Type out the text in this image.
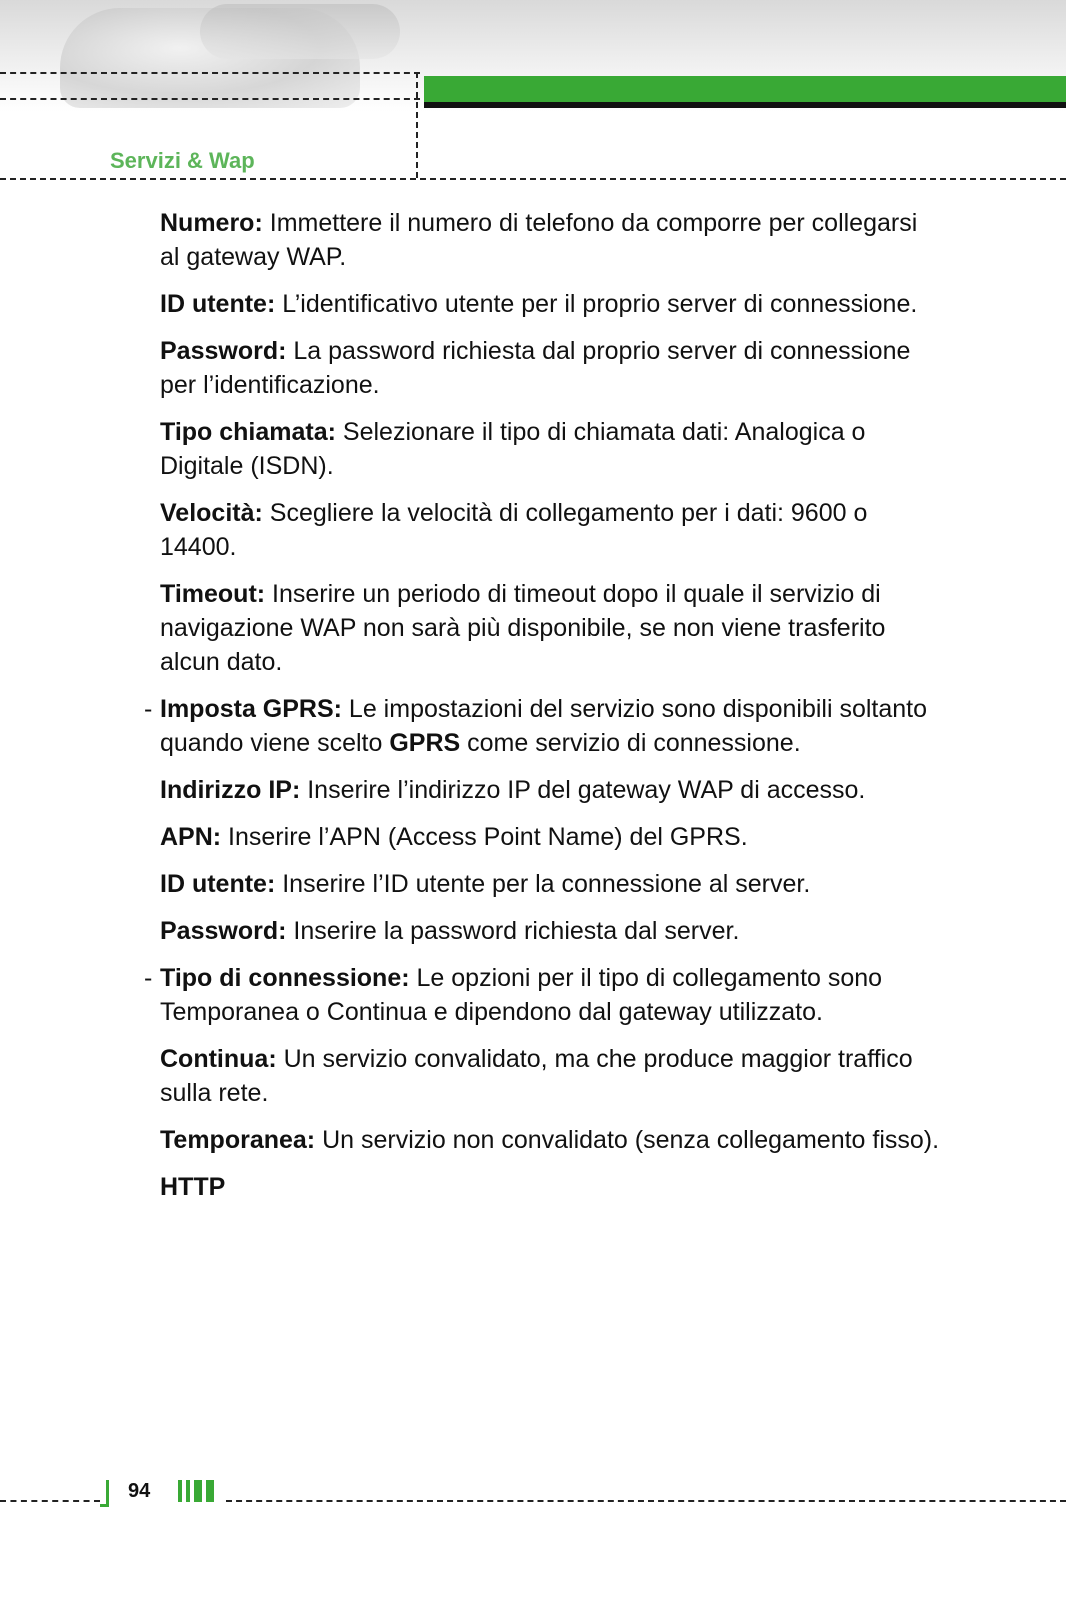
Servizi & Wap

Numero: Immettere il numero di telefono da comporre per collegarsi al gateway WAP.

ID utente: L’identificativo utente per il proprio server di connessione.

Password: La password richiesta dal proprio server di connessione per l’identificazione.

Tipo chiamata: Selezionare il tipo di chiamata dati: Analogica o Digitale (ISDN).

Velocità: Scegliere la velocità di collegamento per i dati: 9600 o 14400.

Timeout: Inserire un periodo di timeout dopo il quale il servizio di navigazione WAP non sarà più disponibile, se non viene trasferito alcun dato.

- Imposta GPRS: Le impostazioni del servizio sono disponibili soltanto quando viene scelto GPRS come servizio di connessione.

Indirizzo IP: Inserire l’indirizzo IP del gateway WAP di accesso.

APN: Inserire l’APN (Access Point Name) del GPRS.

ID utente: Inserire l’ID utente per la connessione al server.

Password: Inserire la password richiesta dal server.

- Tipo di connessione: Le opzioni per il tipo di collegamento sono Temporanea o Continua e dipendono dal gateway utilizzato.

Continua: Un servizio convalidato, ma che produce maggior traffico sulla rete.

Temporanea: Un servizio non convalidato (senza collegamento fisso).

HTTP

94
